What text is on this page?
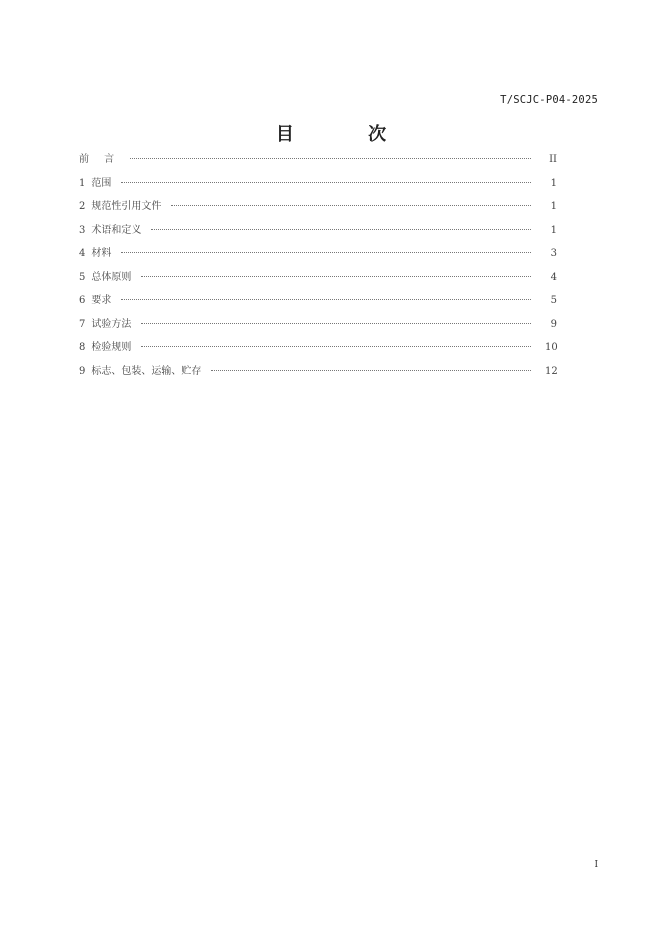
T/SCJC-P04-2025
目 次
前 言	II
1 范围	1
2 规范性引用文件	1
3 术语和定义	1
4 材料	3
5 总体原则	4
6 要求	5
7 试验方法	9
8 检验规则	10
9 标志、包装、运输、贮存	12
I
